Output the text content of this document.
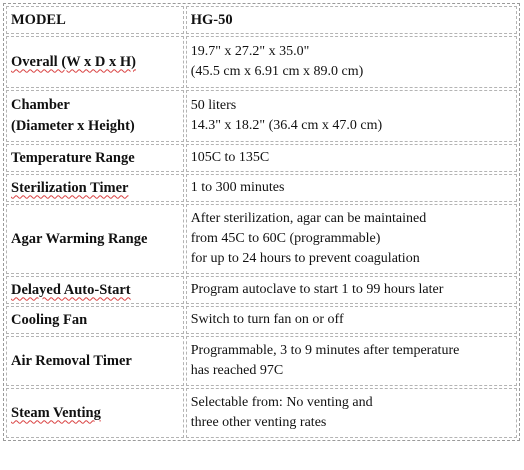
MODEL	HG-50

Overall (W x D x H)	19.7" x 27.2" x 35.0"
(45.5 cm x 6.91 cm x 89.0 cm)

Chamber
(Diameter x Height)	50 liters
14.3" x 18.2" (36.4 cm x 47.0 cm)

Temperature Range	105C to 135C

Sterilization Timer	1 to 300 minutes

Agar Warming Range	After sterilization, agar can be maintained
from 45C to 60C (programmable)
for up to 24 hours to prevent coagulation

Delayed Auto-Start	Program autoclave to start 1 to 99 hours later

Cooling Fan	Switch to turn fan on or off

Air Removal Timer	Programmable, 3 to 9 minutes after temperature
has reached 97C

Steam Venting	Selectable from: No venting and
three other venting rates
